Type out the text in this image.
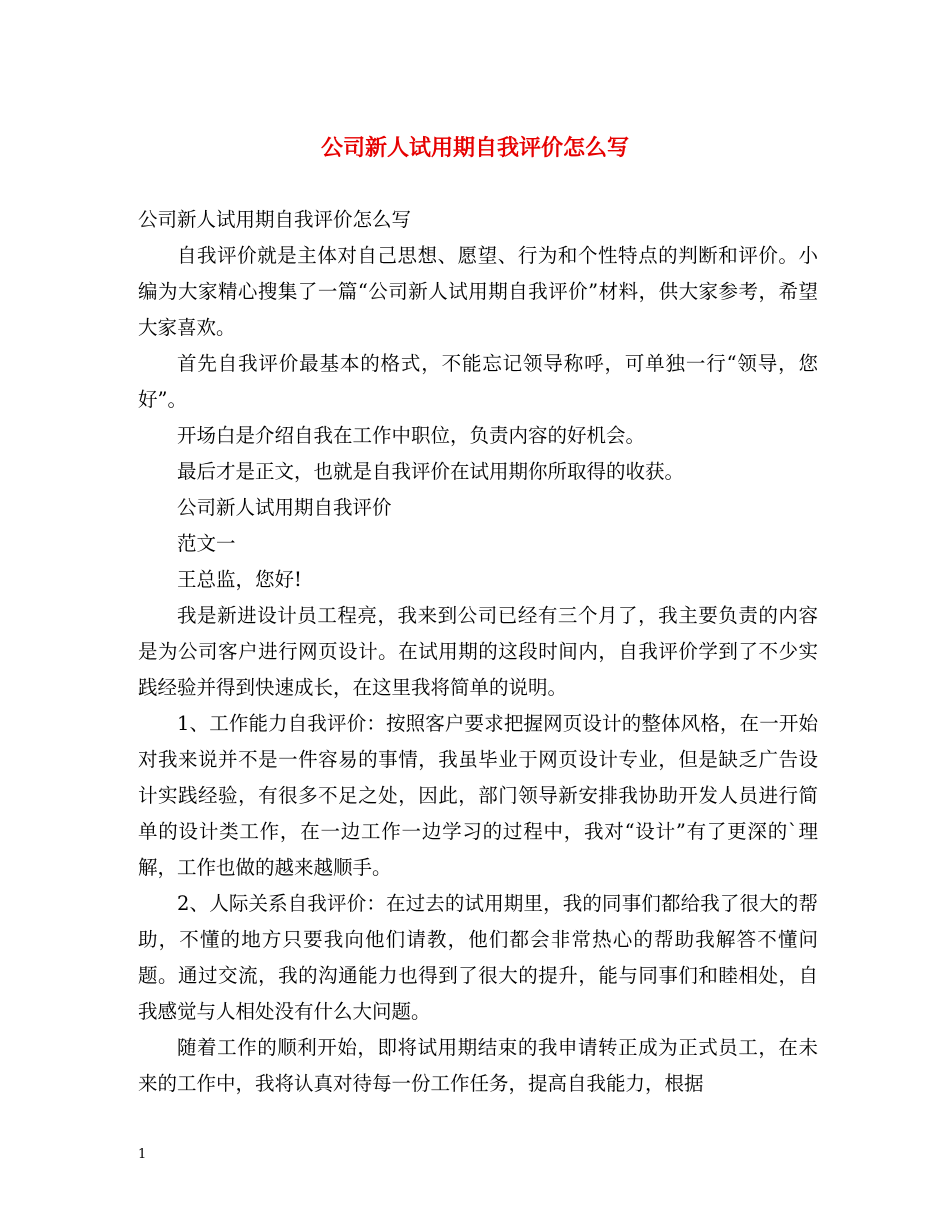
公司新人试用期自我评价怎么写

公司新人试用期自我评价怎么写

自我评价就是主体对自己思想、愿望、行为和个性特点的判断和评价。小编为大家精心搜集了一篇“公司新人试用期自我评价”材料，供大家参考，希望大家喜欢。

首先自我评价最基本的格式，不能忘记领导称呼，可单独一行“领导，您好”。

开场白是介绍自我在工作中职位，负责内容的好机会。

最后才是正文，也就是自我评价在试用期你所取得的收获。

公司新人试用期自我评价

范文一

王总监，您好!

我是新进设计员工程亮，我来到公司已经有三个月了，我主要负责的内容是为公司客户进行网页设计。在试用期的这段时间内，自我评价学到了不少实践经验并得到快速成长，在这里我将简单的说明。

1、工作能力自我评价：按照客户要求把握网页设计的整体风格，在一开始对我来说并不是一件容易的事情，我虽毕业于网页设计专业，但是缺乏广告设计实践经验，有很多不足之处，因此，部门领导新安排我协助开发人员进行简单的设计类工作，在一边工作一边学习的过程中，我对“设计”有了更深的`理解，工作也做的越来越顺手。

2、人际关系自我评价：在过去的试用期里，我的同事们都给我了很大的帮助，不懂的地方只要我向他们请教，他们都会非常热心的帮助我解答不懂问题。通过交流，我的沟通能力也得到了很大的提升，能与同事们和睦相处，自我感觉与人相处没有什么大问题。

随着工作的顺利开始，即将试用期结束的我申请转正成为正式员工，在未来的工作中，我将认真对待每一份工作任务，提高自我能力，根据

1
